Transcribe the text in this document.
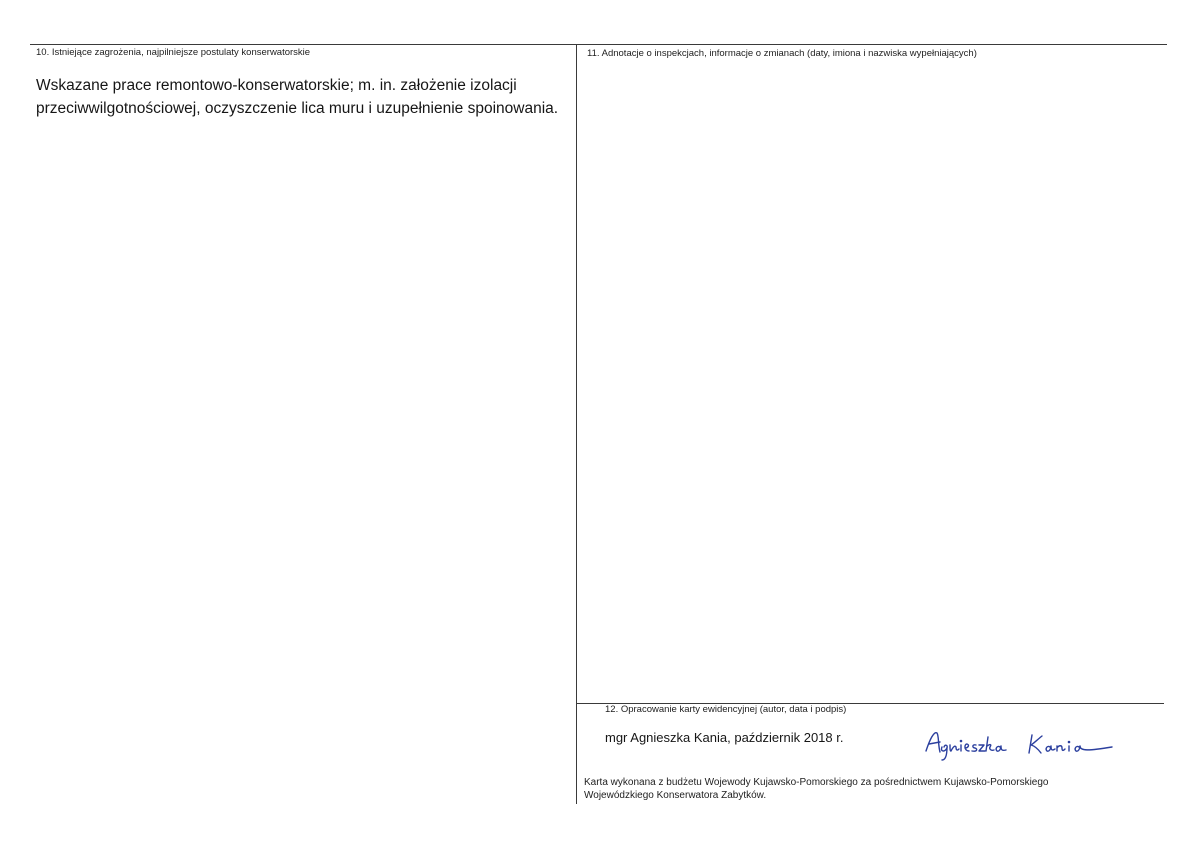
10. Istniejące zagrożenia, najpilniejsze postulaty konserwatorskie
Wskazane prace remontowo-konserwatorskie; m. in. założenie izolacji
przeciwwilgotnościowej, oczyszczenie lica muru i uzupełnienie spoinowania.
11. Adnotacje o inspekcjach, informacje o zmianach (daty, imiona i nazwiska wypełniających)
12. Opracowanie karty ewidencyjnej (autor, data i podpis)
mgr Agnieszka Kania, październik 2018 r.
Karta wykonana z budżetu Wojewody Kujawsko-Pomorskiego za pośrednictwem Kujawsko-Pomorskiego
Wojewódzkiego Konserwatora Zabytków.
